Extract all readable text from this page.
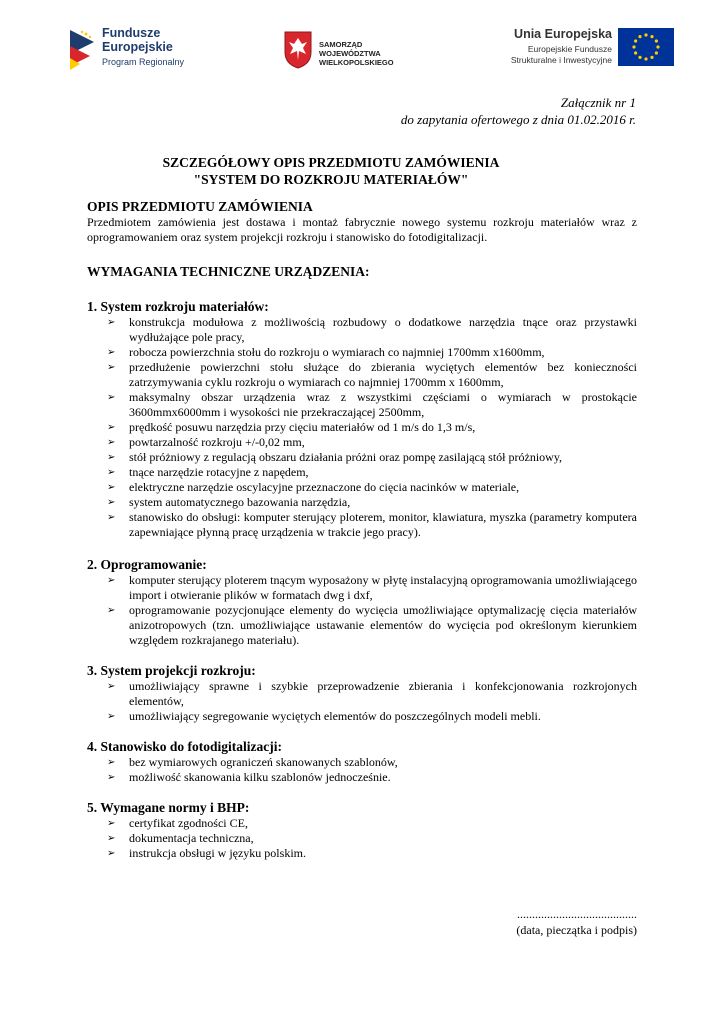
Fundusze
Europejskie
Program Regionalny
SAMORZĄD WOJEWÓDZTWA
WIELKOPOLSKIEGO
Unia Europejska
Europejskie Fundusze
Strukturalne i Inwestycyjne
Załącznik nr 1
do zapytania ofertowego z dnia 01.02.2016 r.
SZCZEGÓŁOWY OPIS PRZEDMIOTU ZAMÓWIENIA
"SYSTEM DO ROZKROJU MATERIAŁÓW"
OPIS PRZEDMIOTU ZAMÓWIENIA

Przedmiotem zamówienia jest dostawa i montaż fabrycznie nowego systemu rozkroju materiałów wraz z oprogramowaniem oraz system projekcji rozkroju i stanowisko do fotodigitalizacji.

WYMAGANIA TECHNICZNE URZĄDZENIA:
1. System rozkroju materiałów:
➢ konstrukcja modułowa z możliwością rozbudowy o dodatkowe narzędzia tnące oraz przystawki wydłużające pole pracy,
➢ robocza powierzchnia stołu do rozkroju o wymiarach co najmniej 1700mm x1600mm,
➢ przedłużenie powierzchni stołu służące do zbierania wyciętych elementów bez konieczności zatrzymywania cyklu rozkroju o wymiarach co najmniej 1700mm x 1600mm,
➢ maksymalny obszar urządzenia wraz z wszystkimi częściami o wymiarach w prostokącie 3600mmx6000mm i wysokości nie przekraczającej 2500mm,
➢ prędkość posuwu narzędzia przy cięciu materiałów od 1 m/s do 1,3 m/s,
➢ powtarzalność rozkroju +/-0,02 mm,
➢ stół próżniowy z regulacją obszaru działania próżni oraz pompę zasilającą stół próżniowy,
➢ tnące narzędzie rotacyjne z napędem,
➢ elektryczne narzędzie oscylacyjne przeznaczone do cięcia nacinków w materiale,
➢ system automatycznego bazowania narzędzia,
➢ stanowisko do obsługi: komputer sterujący ploterem, monitor, klawiatura, myszka (parametry komputera zapewniające płynną pracę urządzenia w trakcie jego pracy).
2. Oprogramowanie:
➢ komputer sterujący ploterem tnącym wyposażony w płytę instalacyjną oprogramowania umożliwiającego import i otwieranie plików w formatach dwg i dxf,
➢ oprogramowanie pozycjonujące elementy do wycięcia umożliwiające optymalizację cięcia materiałów anizotropowych (tzn. umożliwiające ustawanie elementów do wycięcia pod określonym kierunkiem względem rozkrajanego materiału).
3. System projekcji rozkroju:
➢ umożliwiający sprawne i szybkie przeprowadzenie zbierania i konfekcjonowania rozkrojonych elementów,
➢ umożliwiający segregowanie wyciętych elementów do poszczególnych modeli mebli.
4. Stanowisko do fotodigitalizacji:
➢ bez wymiarowych ograniczeń skanowanych szablonów,
➢ możliwość skanowania kilku szablonów jednocześnie.
5. Wymagane normy i BHP:
➢ certyfikat zgodności CE,
➢ dokumentacja techniczna,
➢ instrukcja obsługi w języku polskim.
........................................
(data, pieczątka i podpis)
